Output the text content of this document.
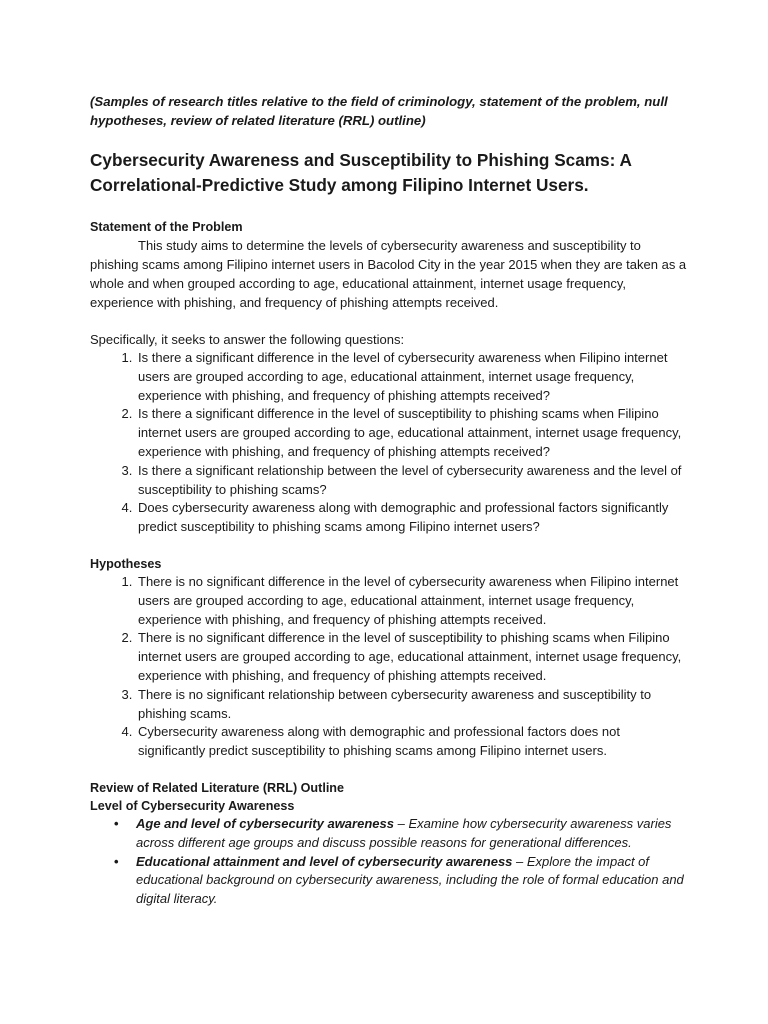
(Samples of research titles relative to the field of criminology, statement of the problem, null hypotheses, review of related literature (RRL) outline)

Cybersecurity Awareness and Susceptibility to Phishing Scams: A Correlational-Predictive Study among Filipino Internet Users.

Statement of the Problem

This study aims to determine the levels of cybersecurity awareness and susceptibility to phishing scams among Filipino internet users in Bacolod City in the year 2015 when they are taken as a whole and when grouped according to age, educational attainment, internet usage frequency, experience with phishing, and frequency of phishing attempts received.

Specifically, it seeks to answer the following questions:

1. Is there a significant difference in the level of cybersecurity awareness when Filipino internet users are grouped according to age, educational attainment, internet usage frequency, experience with phishing, and frequency of phishing attempts received?
2. Is there a significant difference in the level of susceptibility to phishing scams when Filipino internet users are grouped according to age, educational attainment, internet usage frequency, experience with phishing, and frequency of phishing attempts received?
3. Is there a significant relationship between the level of cybersecurity awareness and the level of susceptibility to phishing scams?
4. Does cybersecurity awareness along with demographic and professional factors significantly predict susceptibility to phishing scams among Filipino internet users?

Hypotheses

1. There is no significant difference in the level of cybersecurity awareness when Filipino internet users are grouped according to age, educational attainment, internet usage frequency, experience with phishing, and frequency of phishing attempts received.
2. There is no significant difference in the level of susceptibility to phishing scams when Filipino internet users are grouped according to age, educational attainment, internet usage frequency, experience with phishing, and frequency of phishing attempts received.
3. There is no significant relationship between cybersecurity awareness and susceptibility to phishing scams.
4. Cybersecurity awareness along with demographic and professional factors does not significantly predict susceptibility to phishing scams among Filipino internet users.

Review of Related Literature (RRL) Outline

Level of Cybersecurity Awareness

• Age and level of cybersecurity awareness – Examine how cybersecurity awareness varies across different age groups and discuss possible reasons for generational differences.
• Educational attainment and level of cybersecurity awareness – Explore the impact of educational background on cybersecurity awareness, including the role of formal education and digital literacy.
